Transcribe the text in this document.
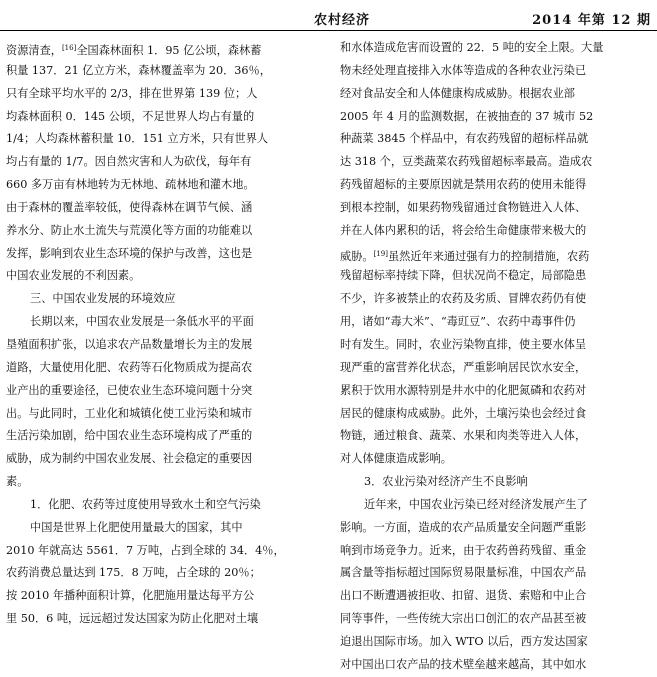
农村经济	2014 年第 12 期
资源清查，[16]全国森林面积 1．95 亿公顷，森林蓄
积量 137．21 亿立方米，森林覆盖率为 20．36％，
只有全球平均水平的 2/3，排在世界第 139 位；人
均森林面积 0．145 公顷，不足世界人均占有量的
1/4；人均森林蓄积量 10．151 立方米，只有世界人
均占有量的 1/7。因自然灾害和人为砍伐，每年有
660 多万亩有林地转为无林地、疏林地和灌木地。
由于森林的覆盖率较低，使得森林在调节气候、涵
养水分、防止水土流失与荒漠化等方面的功能难以
发挥，影响到农业生态环境的保护与改善，这也是
中国农业发展的不利因素。
三、中国农业发展的环境效应
长期以来，中国农业发展是一条低水平的平面
垦殖面积扩张，以追求农产品数量增长为主的发展
道路，大量使用化肥、农药等石化物质成为提高农
业产出的重要途径，已使农业生态环境问题十分突
出。与此同时，工业化和城镇化使工业污染和城市
生活污染加剧，给中国农业生态环境构成了严重的
威胁，成为制约中国农业发展、社会稳定的重要因
素。
1．化肥、农药等过度使用导致水土和空气污染
中国是世界上化肥使用量最大的国家，其中
2010 年就高达 5561．7 万吨，占到全球的 34．4％，
农药消费总量达到 175．8 万吨，占全球的 20％；
按 2010 年播种面积计算，化肥施用量达每平方公
里 50．6 吨，远远超过发达国家为防止化肥对土壤
和水体造成危害而设置的 22．5 吨的安全上限。大量
物未经处理直接排入水体等造成的各种农业污染已
经对食品安全和人体健康构成威胁。根据农业部
2005 年 4 月的监测数据，在被抽查的 37 城市 52
种蔬菜 3845 个样品中，有农药残留的超标样品就
达 318 个，豆类蔬菜农药残留超标率最高。造成农
药残留超标的主要原因就是禁用农药的使用未能得
到根本控制，如果药物残留通过食物链进入人体、
并在人体内累积的话，将会给生命健康带来极大的
威胁。[19]虽然近年来通过强有力的控制措施，农药
残留超标率持续下降，但状况尚不稳定，局部隐患
不少，许多被禁止的农药及劣质、冒牌农药仍有使
用，诸如“毒大米”、“毒豇豆”、农药中毒事件仍
时有发生。同时，农业污染物直排，使主要水体呈
现严重的富营养化状态，严重影响居民饮水安全，
累积于饮用水源特别是井水中的化肥氮磷和农药对
居民的健康构成威胁。此外，土壤污染也会经过食
物链，通过粮食、蔬菜、水果和肉类等进入人体，
对人体健康造成影响。
3．农业污染对经济产生不良影响
近年来，中国农业污染已经对经济发展产生了
影响。一方面，造成的农产品质量安全问题严重影
响到市场竞争力。近来，由于农药兽药残留、重金
属含量等指标超过国际贸易限量标准，中国农产品
出口不断遭遇被拒收、扣留、退货、索赔和中止合
同等事件，一些传统大宗出口创汇的农产品甚至被
迫退出国际市场。加入 WTO 以后，西方发达国家
对中国出口农产品的技术壁垒越来越高，其中如水
